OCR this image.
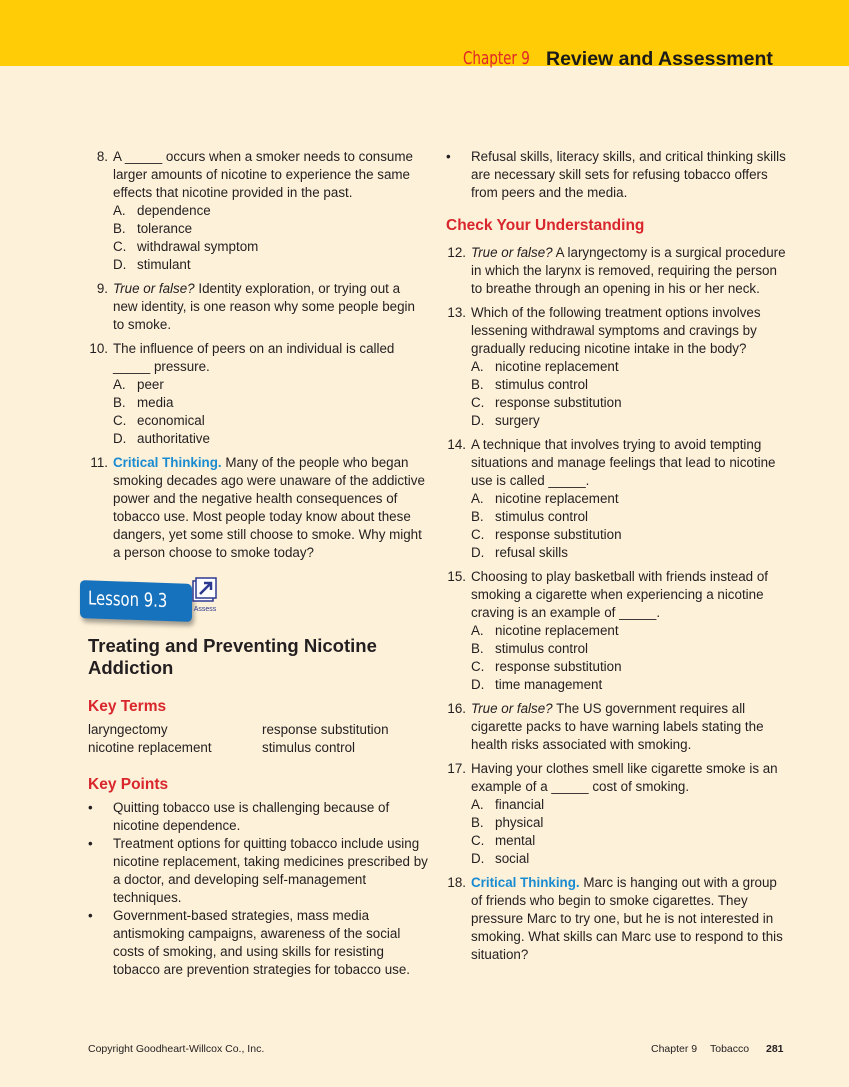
Chapter 9 Review and Assessment
8. A _____ occurs when a smoker needs to consume larger amounts of nicotine to experience the same effects that nicotine provided in the past.
A. dependence
B. tolerance
C. withdrawal symptom
D. stimulant
9. True or false? Identity exploration, or trying out a new identity, is one reason why some people begin to smoke.
10. The influence of peers on an individual is called _____ pressure.
A. peer
B. media
C. economical
D. authoritative
11. Critical Thinking. Many of the people who began smoking decades ago were unaware of the addictive power and the negative health consequences of tobacco use. Most people today know about these dangers, yet some still choose to smoke. Why might a person choose to smoke today?
Lesson 9.3	Assess
Treating and Preventing Nicotine Addiction
Key Terms
laryngectomy	response substitution
nicotine replacement	stimulus control
Key Points
• Quitting tobacco use is challenging because of nicotine dependence.
• Treatment options for quitting tobacco include using nicotine replacement, taking medicines prescribed by a doctor, and developing self-management techniques.
• Government-based strategies, mass media antismoking campaigns, awareness of the social costs of smoking, and using skills for resisting tobacco are prevention strategies for tobacco use.
• Refusal skills, literacy skills, and critical thinking skills are necessary skill sets for refusing tobacco offers from peers and the media.
Check Your Understanding
12. True or false? A laryngectomy is a surgical procedure in which the larynx is removed, requiring the person to breathe through an opening in his or her neck.
13. Which of the following treatment options involves lessening withdrawal symptoms and cravings by gradually reducing nicotine intake in the body?
A. nicotine replacement
B. stimulus control
C. response substitution
D. surgery
14. A technique that involves trying to avoid tempting situations and manage feelings that lead to nicotine use is called _____.
A. nicotine replacement
B. stimulus control
C. response substitution
D. refusal skills
15. Choosing to play basketball with friends instead of smoking a cigarette when experiencing a nicotine craving is an example of _____.
A. nicotine replacement
B. stimulus control
C. response substitution
D. time management
16. True or false? The US government requires all cigarette packs to have warning labels stating the health risks associated with smoking.
17. Having your clothes smell like cigarette smoke is an example of a _____ cost of smoking.
A. financial
B. physical
C. mental
D. social
18. Critical Thinking. Marc is hanging out with a group of friends who begin to smoke cigarettes. They pressure Marc to try one, but he is not interested in smoking. What skills can Marc use to respond to this situation?
Copyright Goodheart-Willcox Co., Inc.	Chapter 9 Tobacco 281
